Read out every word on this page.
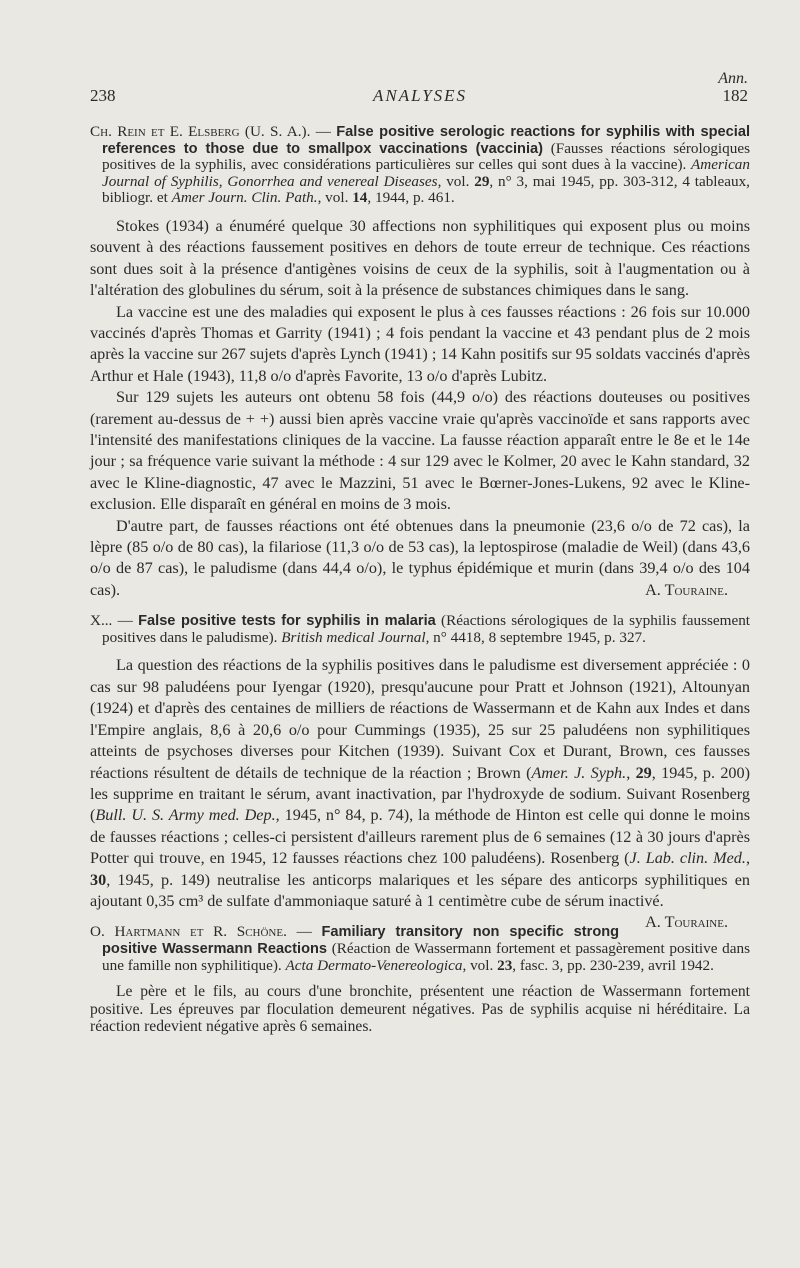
Ann.
238	ANALYSES	182

Ch. Rein et E. Elsberg (U. S. A.). — False positive serologic reactions for syphilis with special references to those due to smallpox vaccinations (vaccinia) (Fausses réactions sérologiques positives de la syphilis, avec considérations particulières sur celles qui sont dues à la vaccine). American Journal of Syphilis, Gonorrhea and venereal Diseases, vol. 29, n° 3, mai 1945, pp. 303-312, 4 tableaux, bibliogr. et Amer Journ. Clin. Path., vol. 14, 1944, p. 461.

Stokes (1934) a énuméré quelque 30 affections non syphilitiques qui exposent plus ou moins souvent à des réactions faussement positives en dehors de toute erreur de technique. Ces réactions sont dues soit à la présence d'antigènes voisins de ceux de la syphilis, soit à l'augmentation ou à l'altération des globulines du sérum, soit à la présence de substances chimiques dans le sang.

La vaccine est une des maladies qui exposent le plus à ces fausses réactions : 26 fois sur 10.000 vaccinés d'après Thomas et Garrity (1941) ; 4 fois pendant la vaccine et 43 pendant plus de 2 mois après la vaccine sur 267 sujets d'après Lynch (1941) ; 14 Kahn positifs sur 95 soldats vaccinés d'après Arthur et Hale (1943), 11,8 o/o d'après Favorite, 13 o/o d'après Lubitz.

Sur 129 sujets les auteurs ont obtenu 58 fois (44,9 o/o) des réactions douteuses ou positives (rarement au-dessus de + +) aussi bien après vaccine vraie qu'après vaccinoïde et sans rapports avec l'intensité des manifestations cliniques de la vaccine. La fausse réaction apparaît entre le 8e et le 14e jour ; sa fréquence varie suivant la méthode : 4 sur 129 avec le Kolmer, 20 avec le Kahn standard, 32 avec le Kline-diagnostic, 47 avec le Mazzini, 51 avec le Bœrner-Jones-Lukens, 92 avec le Kline-exclusion. Elle disparaît en général en moins de 3 mois.

D'autre part, de fausses réactions ont été obtenues dans la pneumonie (23,6 o/o de 72 cas), la lèpre (85 o/o de 80 cas), la filariose (11,3 o/o de 53 cas), la leptospirose (maladie de Weil) (dans 43,6 o/o de 87 cas), le paludisme (dans 44,4 o/o), le typhus épidémique et murin (dans 39,4 o/o des 104 cas).	A. Touraine.

X... — False positive tests for syphilis in malaria (Réactions sérologiques de la syphilis faussement positives dans le paludisme). British medical Journal, n° 4418, 8 septembre 1945, p. 327.

La question des réactions de la syphilis positives dans le paludisme est diversement appréciée : 0 cas sur 98 paludéens pour Iyengar (1920), presqu'aucune pour Pratt et Johnson (1921), Altounyan (1924) et d'après des centaines de milliers de réactions de Wassermann et de Kahn aux Indes et dans l'Empire anglais, 8,6 à 20,6 o/o pour Cummings (1935), 25 sur 25 paludéens non syphilitiques atteints de psychoses diverses pour Kitchen (1939). Suivant Cox et Durant, Brown, ces fausses réactions résultent de détails de technique de la réaction ; Brown (Amer. J. Syph., 29, 1945, p. 200) les supprime en traitant le sérum, avant inactivation, par l'hydroxyde de sodium. Suivant Rosenberg (Bull. U. S. Army med. Dep., 1945, n° 84, p. 74), la méthode de Hinton est celle qui donne le moins de fausses réactions ; celles-ci persistent d'ailleurs rarement plus de 6 semaines (12 à 30 jours d'après Potter qui trouve, en 1945, 12 fausses réactions chez 100 paludéens). Rosenberg (J. Lab. clin. Med., 30, 1945, p. 149) neutralise les anticorps malariques et les sépare des anticorps syphilitiques en ajoutant 0,35 cm³ de sulfate d'ammoniaque saturé à 1 centimètre cube de sérum inactivé.
A. Touraine.

O. Hartmann et R. Schöne. — Familiary transitory non specific strong positive Wassermann Reactions (Réaction de Wassermann fortement et passagèrement positive dans une famille non syphilitique). Acta Dermato-Venereologica, vol. 23, fasc. 3, pp. 230-239, avril 1942.

Le père et le fils, au cours d'une bronchite, présentent une réaction de Wassermann fortement positive. Les épreuves par floculation demeurent négatives. Pas de syphilis acquise ni héréditaire. La réaction redevient négative après 6 semaines.
